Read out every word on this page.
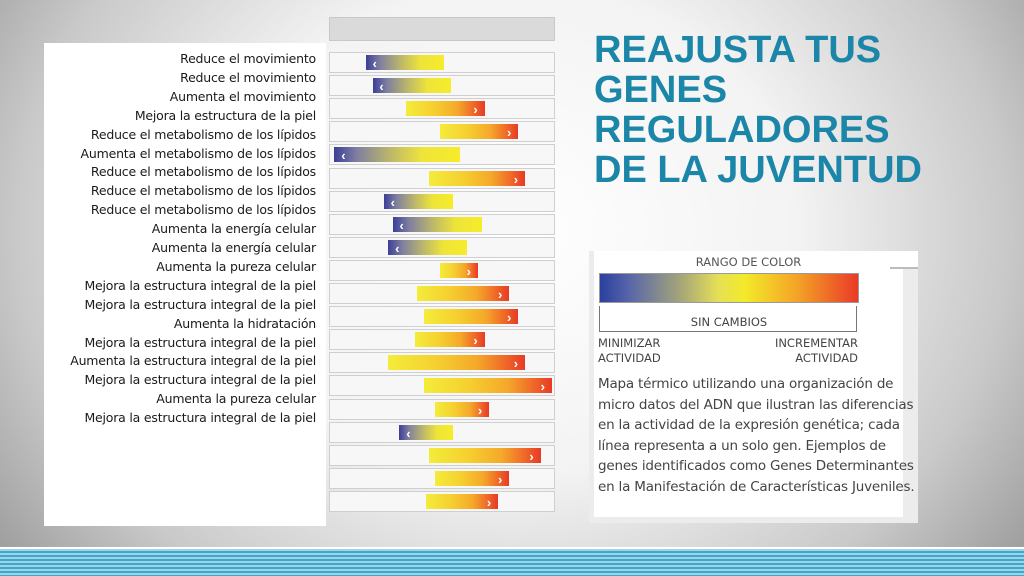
Reduce el movimiento
Reduce el movimiento
Aumenta el movimiento
Mejora la estructura de la piel
Reduce el metabolismo de los lípidos
Aumenta el metabolismo de los lípidos
Reduce el metabolismo de los lípidos
Reduce el metabolismo de los lípidos
Reduce el metabolismo de los lípidos
Aumenta la energía celular
Aumenta la energía celular
Aumenta la pureza celular
Mejora la estructura integral de la piel
Mejora la estructura integral de la piel
Aumenta la hidratación
Mejora la estructura integral de la piel
Aumenta la estructura integral de la piel
Mejora la estructura integral de la piel
Aumenta la pureza celular
Mejora la estructura integral de la piel
‹
‹
›
›
‹
›
‹
‹
‹
›
›
›
›
›
›
›
‹
›
›
›
REAJUSTA TUS
GENES
REGULADORES
DE LA JUVENTUD
RANGO DE COLOR
SIN CAMBIOS
MINIMIZAR
ACTIVIDAD
INCREMENTAR
ACTIVIDAD
Mapa térmico utilizando una organización de micro datos del ADN que ilustran las diferencias en la actividad de la expresión genética; cada línea representa a un solo gen. Ejemplos de genes identificados como Genes Determinantes en la Manifestación de Características Juveniles.
